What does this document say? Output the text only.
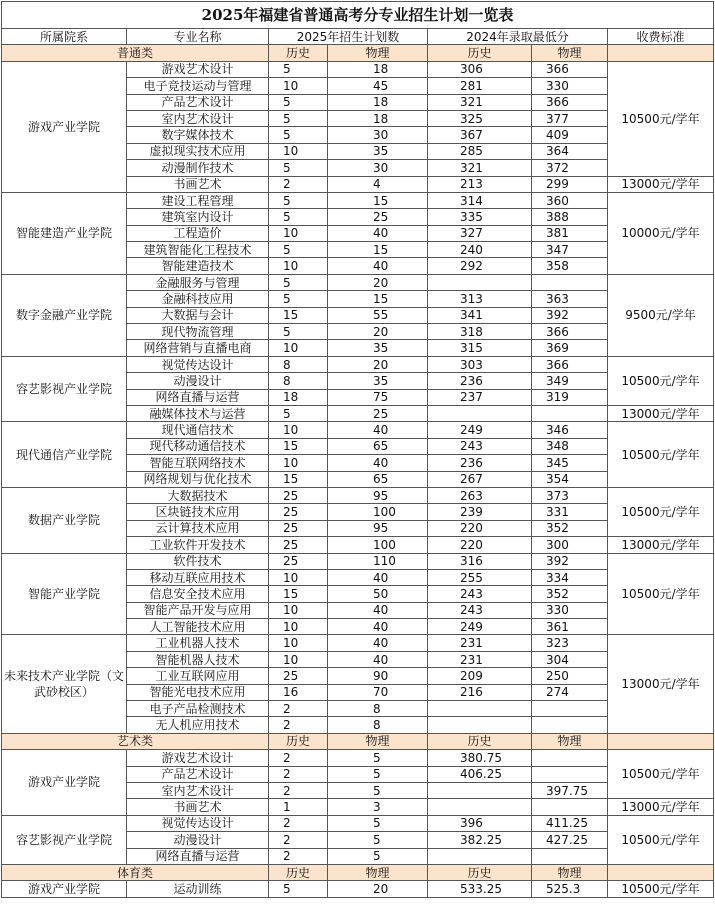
2025年福建省普通高考分专业招生计划一览表						
所属院系	专业名称	2025年招生计划数		2024年录取最低分		收费标准
普通类		历史	物理	历史	物理	
游戏产业学院	游戏艺术设计	5	18	306	366	10500元/学年
	电子竞技运动与管理	10	45	281	330	
	产品艺术设计	5	18	321	366	
	室内艺术设计	5	18	325	377	
	数字媒体技术	5	30	367	409	
	虚拟现实技术应用	10	35	285	364	
	动漫制作技术	5	30	321	372	
	书画艺术	2	4	213	299	13000元/学年
智能建造产业学院	建设工程管理	5	15	314	360	10000元/学年
	建筑室内设计	5	25	335	388	
	工程造价	10	40	327	381	
	建筑智能化工程技术	5	15	240	347	
	智能建造技术	10	40	292	358	
数字金融产业学院	金融服务与管理	5	20			9500元/学年
	金融科技应用	5	15	313	363	
	大数据与会计	15	55	341	392	
	现代物流管理	5	20	318	366	
	网络营销与直播电商	10	35	315	369	
容艺影视产业学院	视觉传达设计	8	20	303	366	10500元/学年
	动漫设计	8	35	236	349	
	网络直播与运营	18	75	237	319	
	融媒体技术与运营	5	25			13000元/学年
现代通信产业学院	现代通信技术	10	40	249	346	10500元/学年
	现代移动通信技术	15	65	243	348	
	智能互联网络技术	10	40	236	345	
	网络规划与优化技术	15	65	267	354	
数据产业学院	大数据技术	25	95	263	373	10500元/学年
	区块链技术应用	25	100	239	331	
	云计算技术应用	25	95	220	352	
	工业软件开发技术	25	100	220	300	13000元/学年
智能产业学院	软件技术	25	110	316	392	10500元/学年
	移动互联应用技术	10	40	255	334	
	信息安全技术应用	15	50	243	352	
	智能产品开发与应用	10	40	243	330	
	人工智能技术应用	10	40	249	361	
未来技术产业学院（文武砂校区）	工业机器人技术	10	40	231	323	13000元/学年
	智能机器人技术	10	40	231	304	
	工业互联网应用	25	90	209	250	
	智能光电技术应用	16	70	216	274	
	电子产品检测技术	2	8			
	无人机应用技术	2	8			
艺术类		历史	物理	历史	物理	
游戏产业学院	游戏艺术设计	2	5	380.75		10500元/学年
	产品艺术设计	2	5	406.25		
	室内艺术设计	2	5		397.75	
	书画艺术	1	3			13000元/学年
容艺影视产业学院	视觉传达设计	2	5	396	411.25	10500元/学年
	动漫设计	2	5	382.25	427.25	
	网络直播与运营	2	5			
体育类		历史	物理	历史	物理	
游戏产业学院	运动训练	5	20	533.25	525.3	10500元/学年
